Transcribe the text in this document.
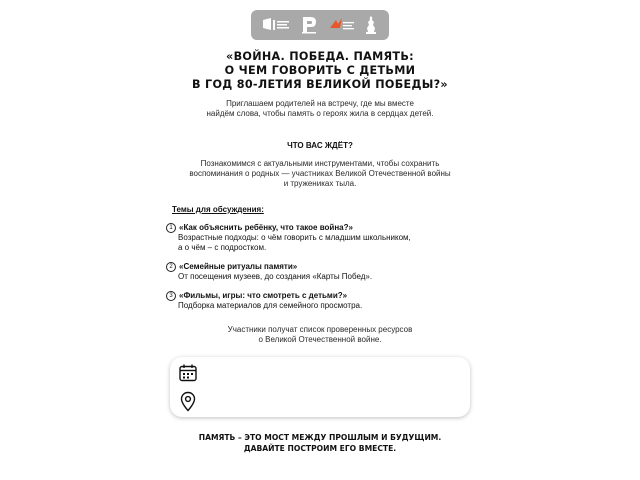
«ВОЙНА. ПОБЕДА. ПАМЯТЬ:
О ЧЕМ ГОВОРИТЬ С ДЕТЬМИ
В ГОД 80-ЛЕТИЯ ВЕЛИКОЙ ПОБЕДЫ?»
Приглашаем родителей на встречу, где мы вместе
найдём слова, чтобы память о героях жила в сердцах детей.
ЧТО ВАС ЖДЁТ?
Познакомимся с актуальными инструментами, чтобы сохранить
воспоминания о родных — участниках Великой Отечественной войны
и тружениках тыла.
Темы для обсуждения:
1 «Как объяснить ребёнку, что такое война?»
Возрастные подходы: о чём говорить с младшим школьником,
а о чём – с подростком.
2 «Семейные ритуалы памяти»
От посещения музеев, до создания «Карты Побед».
3 «Фильмы, игры: что смотреть с детьми?»
Подборка материалов для семейного просмотра.
Участники получат список проверенных ресурсов
о Великой Отечественной войне.
ПАМЯТЬ – ЭТО МОСТ МЕЖДУ ПРОШЛЫМ И БУДУЩИМ.
ДАВАЙТЕ ПОСТРОИМ ЕГО ВМЕСТЕ.
